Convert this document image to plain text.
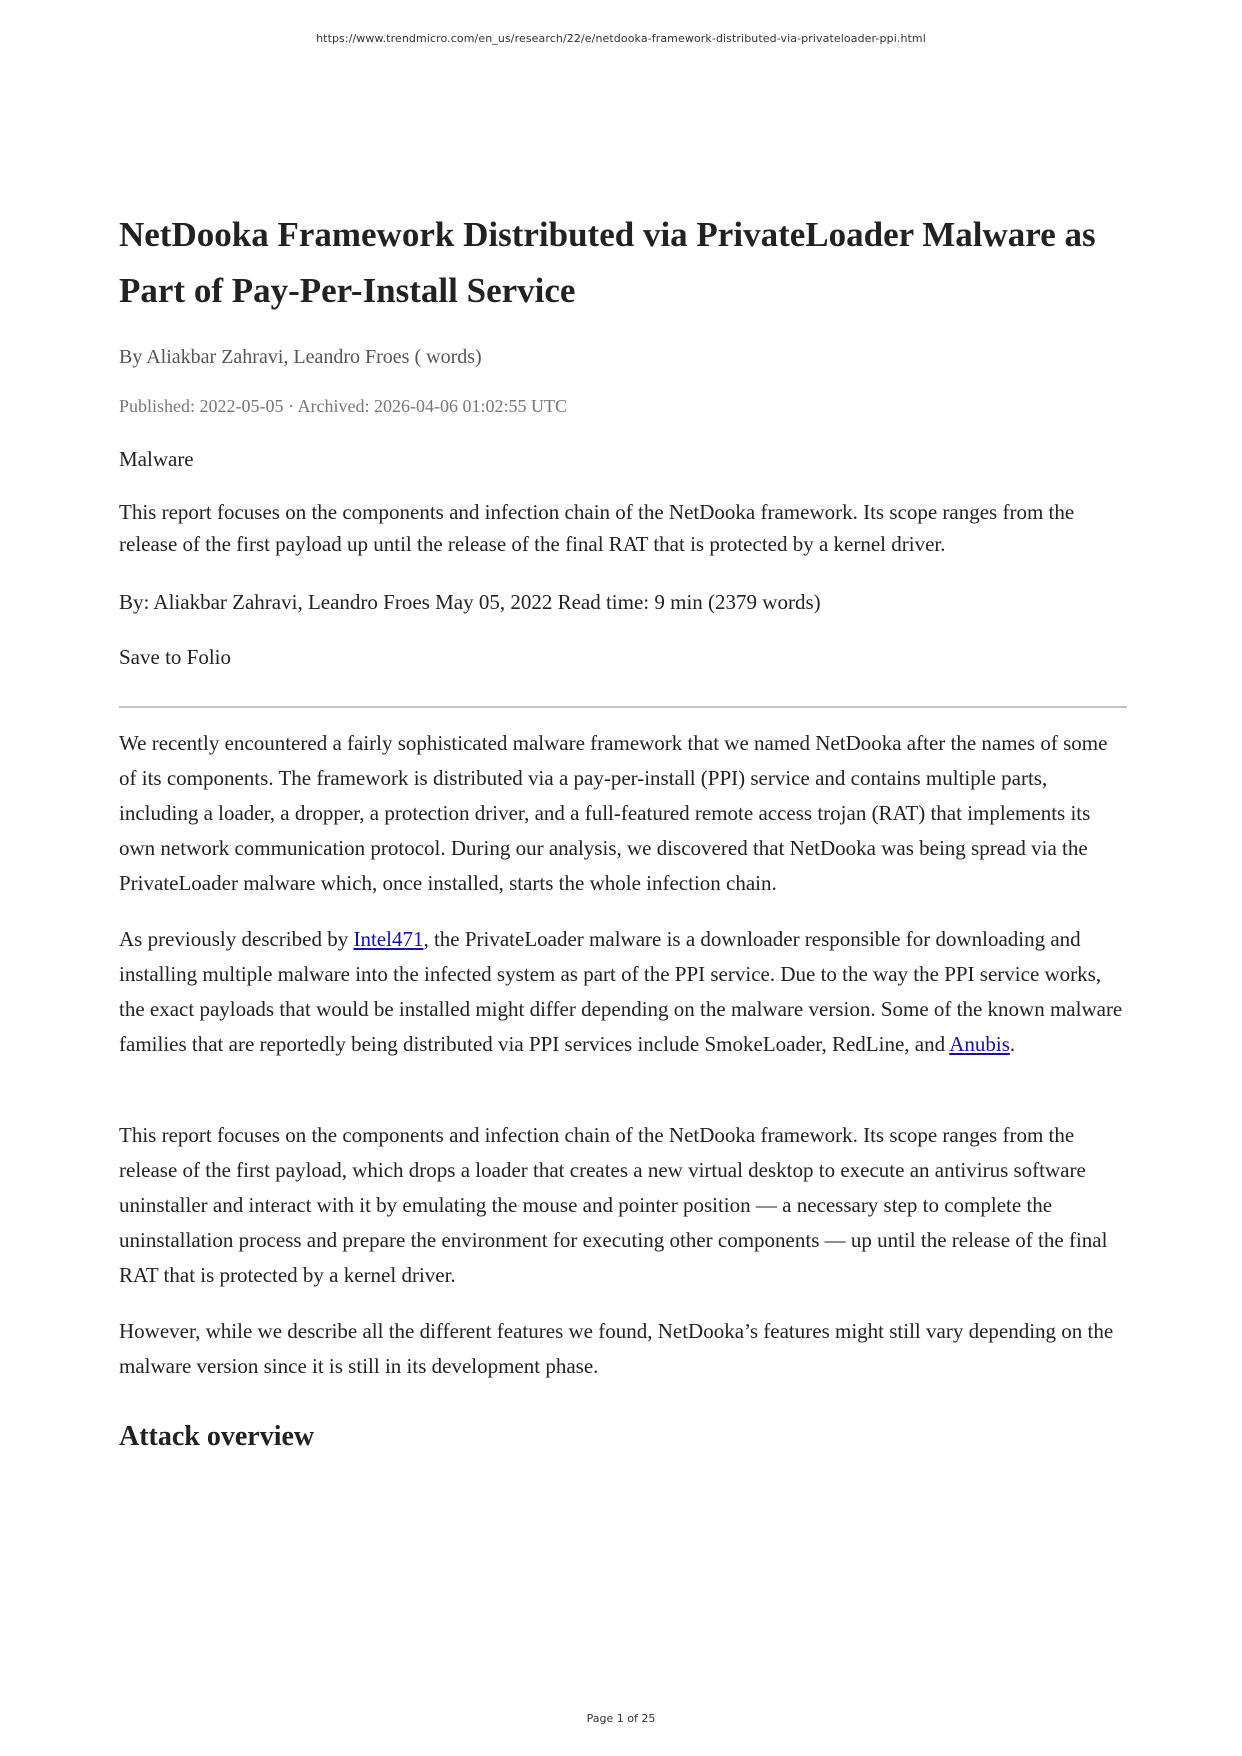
https://www.trendmicro.com/en_us/research/22/e/netdooka-framework-distributed-via-privateloader-ppi.html
NetDooka Framework Distributed via PrivateLoader Malware as Part of Pay-Per-Install Service

By Aliakbar Zahravi, Leandro Froes ( words)

Published: 2022-05-05 · Archived: 2026-04-06 01:02:55 UTC

Malware

This report focuses on the components and infection chain of the NetDooka framework. Its scope ranges from the release of the first payload up until the release of the final RAT that is protected by a kernel driver.

By: Aliakbar Zahravi, Leandro Froes May 05, 2022 Read time: 9 min (2379 words)

Save to Folio

We recently encountered a fairly sophisticated malware framework that we named NetDooka after the names of some of its components. The framework is distributed via a pay-per-install (PPI) service and contains multiple parts, including a loader, a dropper, a protection driver, and a full-featured remote access trojan (RAT) that implements its own network communication protocol. During our analysis, we discovered that NetDooka was being spread via the PrivateLoader malware which, once installed, starts the whole infection chain.

As previously described by Intel471, the PrivateLoader malware is a downloader responsible for downloading and installing multiple malware into the infected system as part of the PPI service. Due to the way the PPI service works, the exact payloads that would be installed might differ depending on the malware version. Some of the known malware families that are reportedly being distributed via PPI services include SmokeLoader, RedLine, and Anubis.

This report focuses on the components and infection chain of the NetDooka framework. Its scope ranges from the release of the first payload, which drops a loader that creates a new virtual desktop to execute an antivirus software uninstaller and interact with it by emulating the mouse and pointer position — a necessary step to complete the uninstallation process and prepare the environment for executing other components — up until the release of the final RAT that is protected by a kernel driver.

However, while we describe all the different features we found, NetDooka’s features might still vary depending on the malware version since it is still in its development phase.

Attack overview
Page 1 of 25
